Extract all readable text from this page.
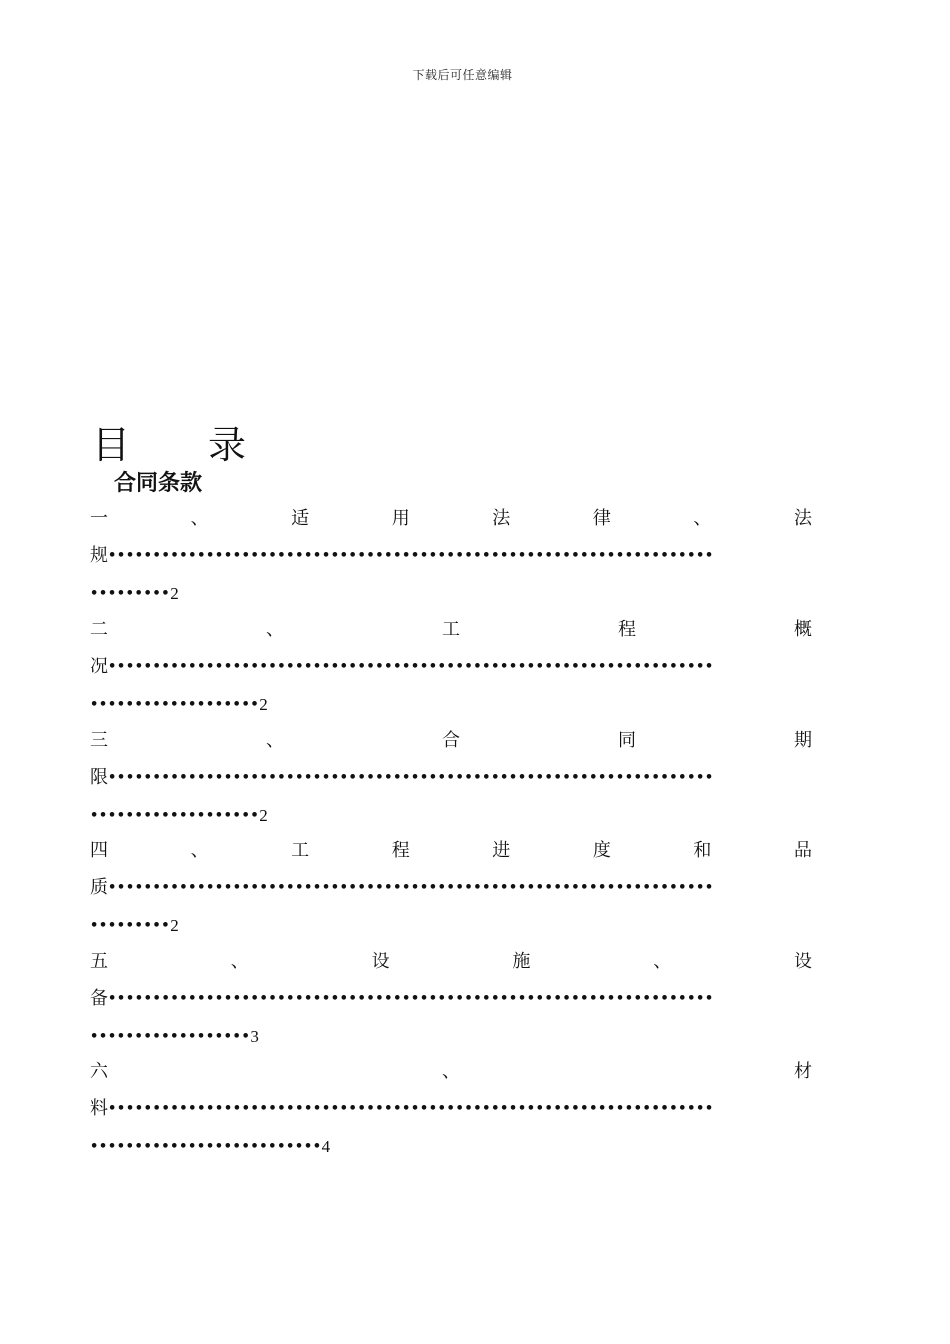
下载后可任意编辑
目 录
合同条款
一	、	适	用	法	律	、	法
规 ••••••••••••••••••••••••••••••••••••••••••••••••••••••••••••••••••••
••••••••• 2
二	、	工	程	概
况 ••••••••••••••••••••••••••••••••••••••••••••••••••••••••••••••••••••
••••••••••••••••••• 2
三	、	合	同	期
限 ••••••••••••••••••••••••••••••••••••••••••••••••••••••••••••••••••••
••••••••••••••••••• 2
四	、	工	程	进	度	和	品
质 ••••••••••••••••••••••••••••••••••••••••••••••••••••••••••••••••••••
••••••••• 2
五	、	设	施	、	设
备 ••••••••••••••••••••••••••••••••••••••••••••••••••••••••••••••••••••
•••••••••••••••••• 3
六	、	材
料 ••••••••••••••••••••••••••••••••••••••••••••••••••••••••••••••••••••
•••••••••••••••••••••••••• 4
